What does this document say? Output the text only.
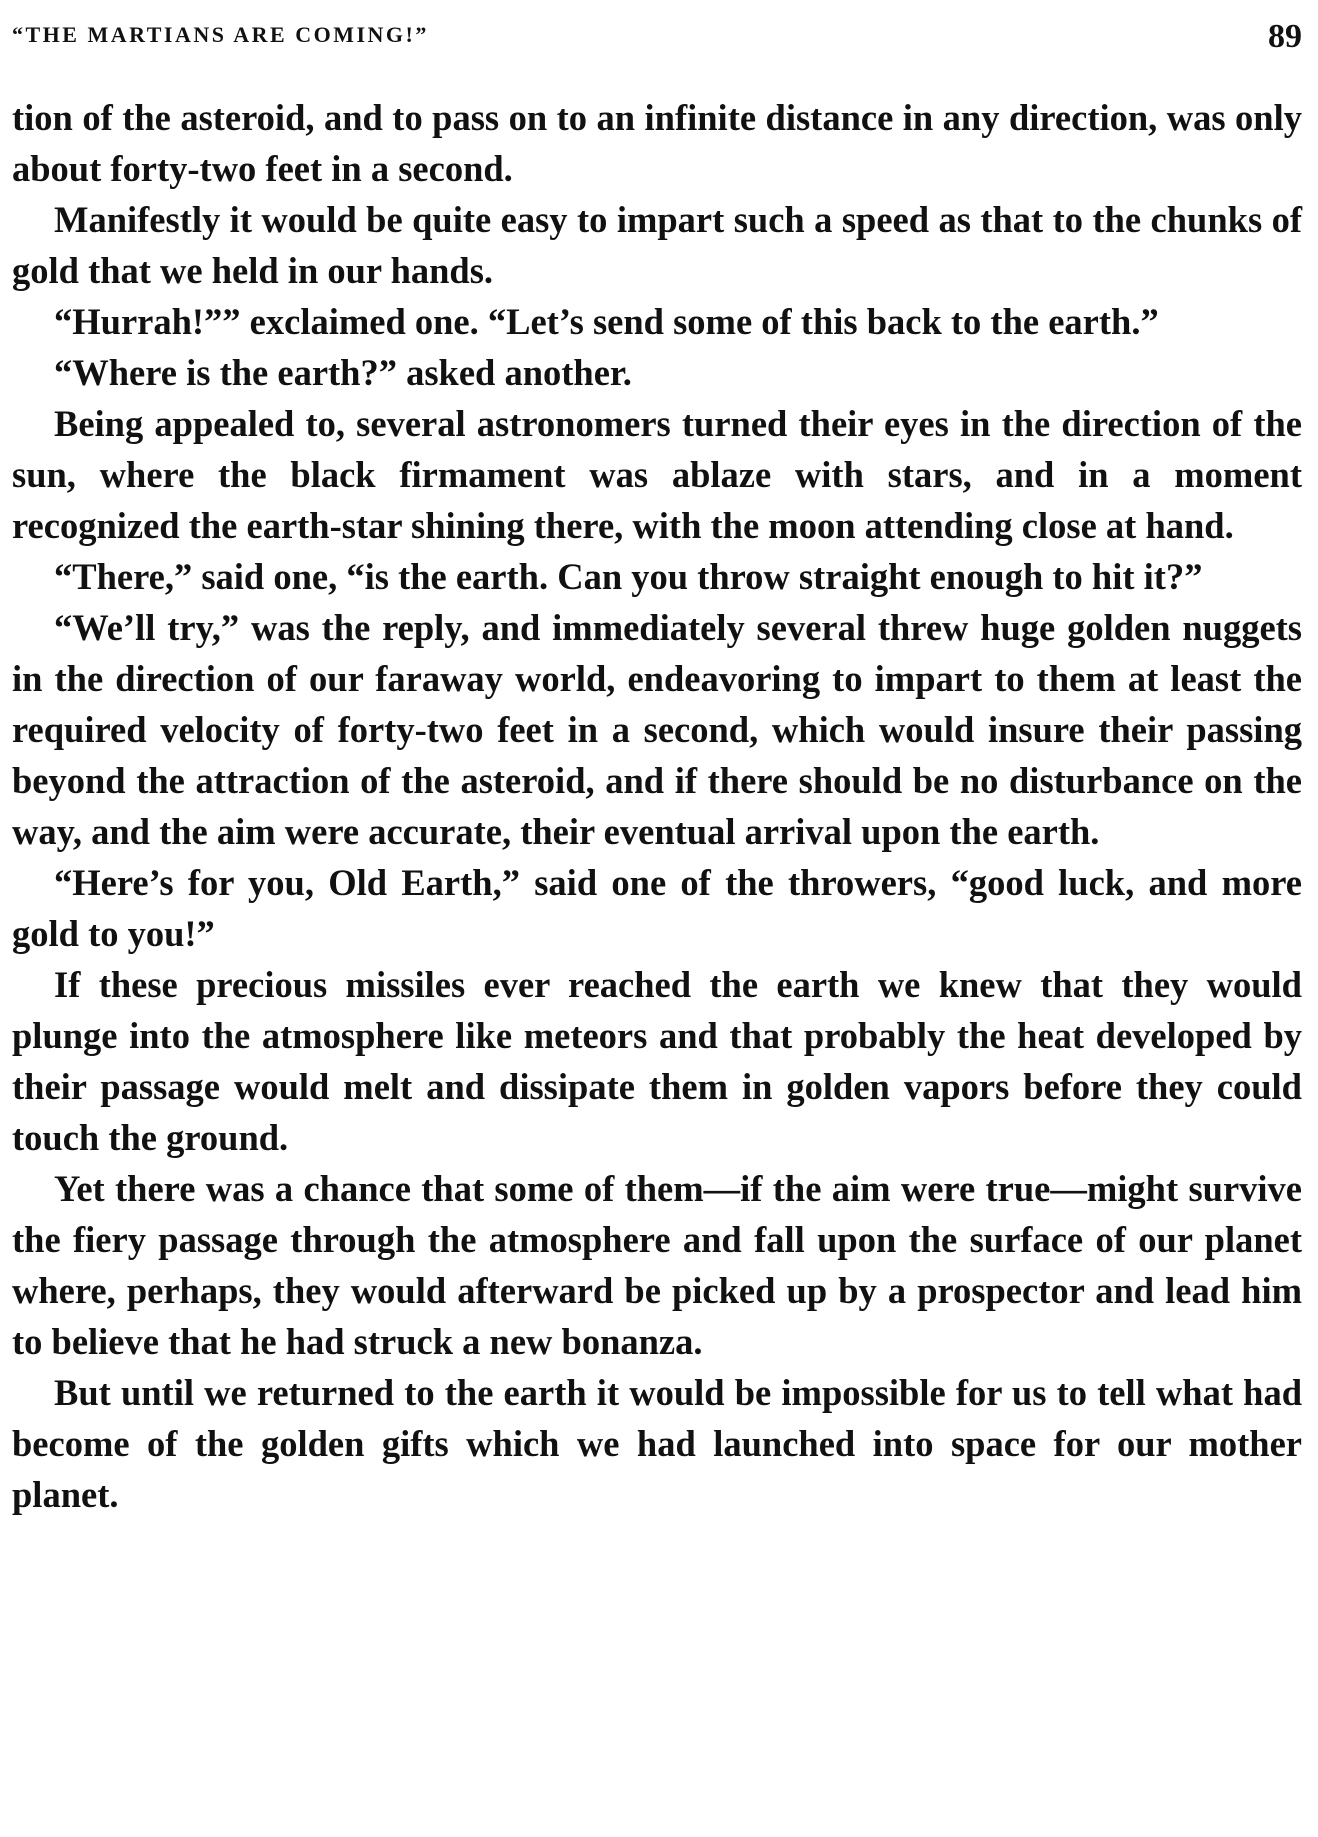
“THE MARTIANS ARE COMING!”	89

tion of the asteroid, and to pass on to an infinite distance in any direction, was only about forty-two feet in a second.

Manifestly it would be quite easy to impart such a speed as that to the chunks of gold that we held in our hands.

“Hurrah!”” exclaimed one. “Let’s send some of this back to the earth.”

“Where is the earth?” asked another.

Being appealed to, several astronomers turned their eyes in the direction of the sun, where the black firmament was ablaze with stars, and in a moment recognized the earth-star shining there, with the moon attending close at hand.

“There,” said one, “is the earth. Can you throw straight enough to hit it?”

“We’ll try,” was the reply, and immediately several threw huge golden nuggets in the direction of our faraway world, endeavoring to impart to them at least the required velocity of forty-two feet in a second, which would insure their passing beyond the attraction of the asteroid, and if there should be no disturbance on the way, and the aim were accurate, their eventual arrival upon the earth.

“Here’s for you, Old Earth,” said one of the throwers, “good luck, and more gold to you!”

If these precious missiles ever reached the earth we knew that they would plunge into the atmosphere like meteors and that probably the heat developed by their passage would melt and dissipate them in golden vapors before they could touch the ground.

Yet there was a chance that some of them—if the aim were true—might survive the fiery passage through the atmosphere and fall upon the surface of our planet where, perhaps, they would afterward be picked up by a prospector and lead him to believe that he had struck a new bonanza.

But until we returned to the earth it would be impossible for us to tell what had become of the golden gifts which we had launched into space for our mother planet.
